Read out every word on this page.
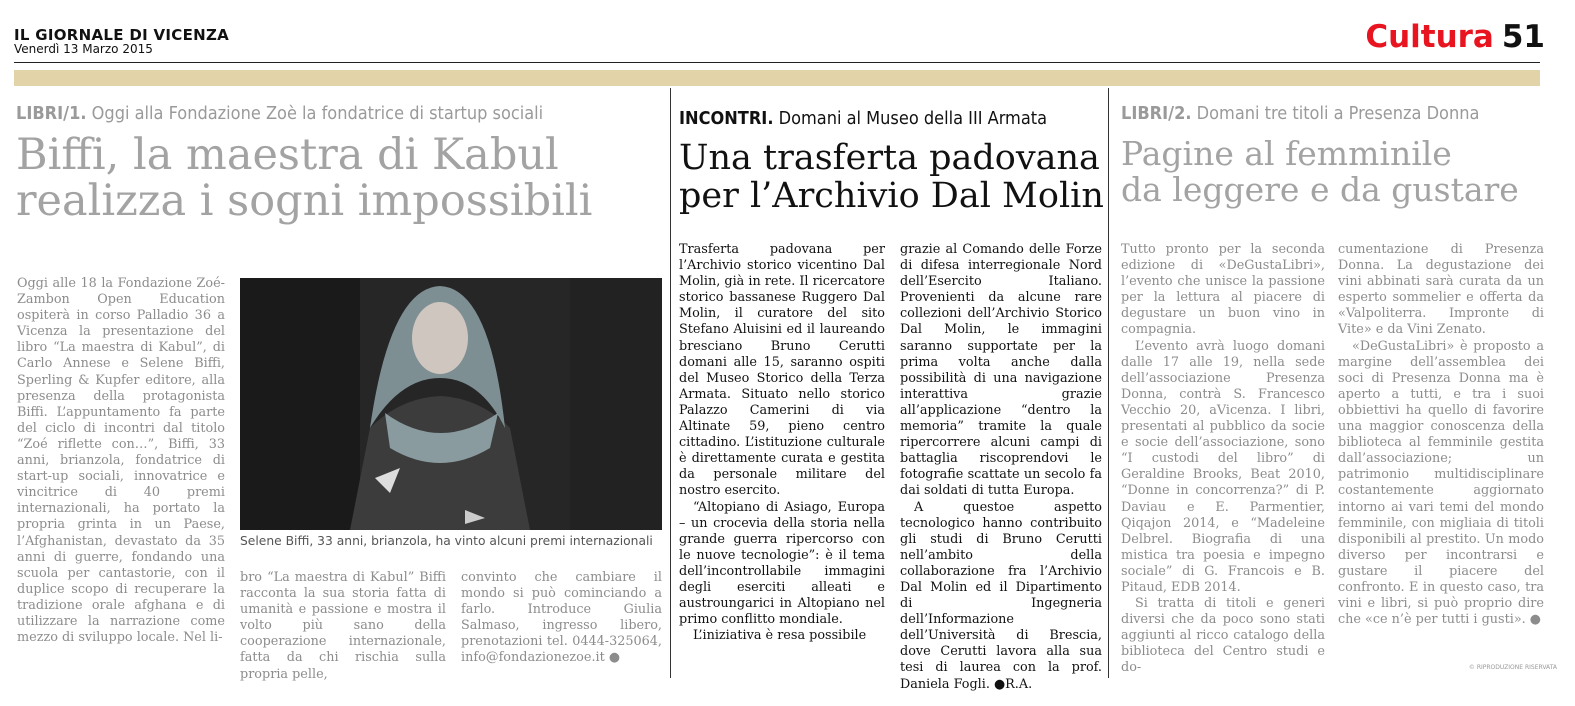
IL GIORNALE DI VICENZA
Venerdì 13 Marzo 2015	Cultura 51
LIBRI/1. Oggi alla Fondazione Zoè la fondatrice di startup sociali
Biffi, la maestra di Kabul
realizza i sogni impossibili

Oggi alle 18 la Fondazione Zoé- Zambon Open Education ospiterà in corso Palladio 36 a Vicenza la presentazione del libro “La maestra di Kabul”, di Carlo Annese e Selene Biffi, Sperling & Kupfer editore, alla presenza della protagonista Biffi. L’appuntamento fa parte del ciclo di incontri dal titolo “Zoé riflette con…”, Biffi, 33 anni, brianzola, fondatrice di start-up sociali, innovatrice e vincitrice di 40 premi internazionali, ha portato la propria grinta in un Paese, l’Afghanistan, devastato da 35 anni di guerre, fondando una scuola per cantastorie, con il duplice scopo di recuperare la tradizione orale afghana e di utilizzare la narrazione come mezzo di sviluppo locale. Nel li-

Selene Biffi, 33 anni, brianzola, ha vinto alcuni premi internazionali

bro “La maestra di Kabul” Biffi racconta la sua storia fatta di umanità e passione e mostra il volto più sano della cooperazione internazionale, fatta da chi rischia sulla propria pelle,

convinto che cambiare il mondo si può cominciando a farlo. Introduce Giulia Salmaso, ingresso libero, prenotazioni tel. 0444-325064, info@fondazionezoe.it ●

INCONTRI. Domani al Museo della III Armata
Una trasferta padovana
per l’Archivio Dal Molin

Trasferta padovana per l’Archivio storico vicentino Dal Molin, già in rete. Il ricercatore storico bassanese Ruggero Dal Molin, il curatore del sito Stefano Aluisini ed il laureando bresciano Bruno Cerutti domani alle 15, saranno ospiti del Museo Storico della Terza Armata. Situato nello storico Palazzo Camerini di via Altinate 59, pieno centro cittadino. L’istituzione culturale è direttamente curata e gestita da personale militare del nostro esercito.

“Altopiano di Asiago, Europa – un crocevia della storia nella grande guerra ripercorso con le nuove tecnologie”: è il tema dell’incontrollabile immagini degli eserciti alleati e austroungarici in Altopiano nel primo conflitto mondiale.

L’iniziativa è resa possibile

grazie al Comando delle Forze di difesa interregionale Nord dell’Esercito Italiano. Provenienti da alcune rare collezioni dell’Archivio Storico Dal Molin, le immagini saranno supportate per la prima volta anche dalla possibilità di una navigazione interattiva grazie all’applicazione “dentro la memoria” tramite la quale ripercorrere alcuni campi di battaglia riscoprendovi le fotografie scattate un secolo fa dai soldati di tutta Europa.

A questoe aspetto tecnologico hanno contribuito gli studi di Bruno Cerutti nell’ambito della collaborazione fra l’Archivio Dal Molin ed il Dipartimento di Ingegneria dell’Informazione dell’Università di Brescia, dove Cerutti lavora alla sua tesi di laurea con la prof. Daniela Fogli. ●R.A.

LIBRI/2. Domani tre titoli a Presenza Donna
Pagine al femminile
da leggere e da gustare

Tutto pronto per la seconda edizione di «DeGustaLibri», l’evento che unisce la passione per la lettura al piacere di degustare un buon vino in compagnia.

L’evento avrà luogo domani dalle 17 alle 19, nella sede dell’associazione Presenza Donna, contrà S. Francesco Vecchio 20, aVicenza. I libri, presentati al pubblico da socie e socie dell’associazione, sono “I custodi del libro” di Geraldine Brooks, Beat 2010, “Donne in concorrenza?” di P. Daviau e E. Parmentier, Qiqajon 2014, e “Madeleine Delbrel. Biografia di una mistica tra poesia e impegno sociale” di G. Francois e B. Pitaud, EDB 2014.

Si tratta di titoli e generi diversi che da poco sono stati aggiunti al ricco catalogo della biblioteca del Centro studi e do-

cumentazione di Presenza Donna. La degustazione dei vini abbinati sarà curata da un esperto sommelier e offerta da «Valpoliterra. Impronte di Vite» e da Vini Zenato.

«DeGustaLibri» è proposto a margine dell’assemblea dei soci di Presenza Donna ma è aperto a tutti, e tra i suoi obbiettivi ha quello di favorire una maggior conoscenza della biblioteca al femminile gestita dall’associazione; un patrimonio multidisciplinare costantemente aggiornato intorno ai vari temi del mondo femminile, con migliaia di titoli disponibili al prestito. Un modo diverso per incontrarsi e gustare il piacere del confronto. E in questo caso, tra vini e libri, si può proprio dire che «ce n’è per tutti i gusti». ●

© RIPRODUZIONE RISERVATA
